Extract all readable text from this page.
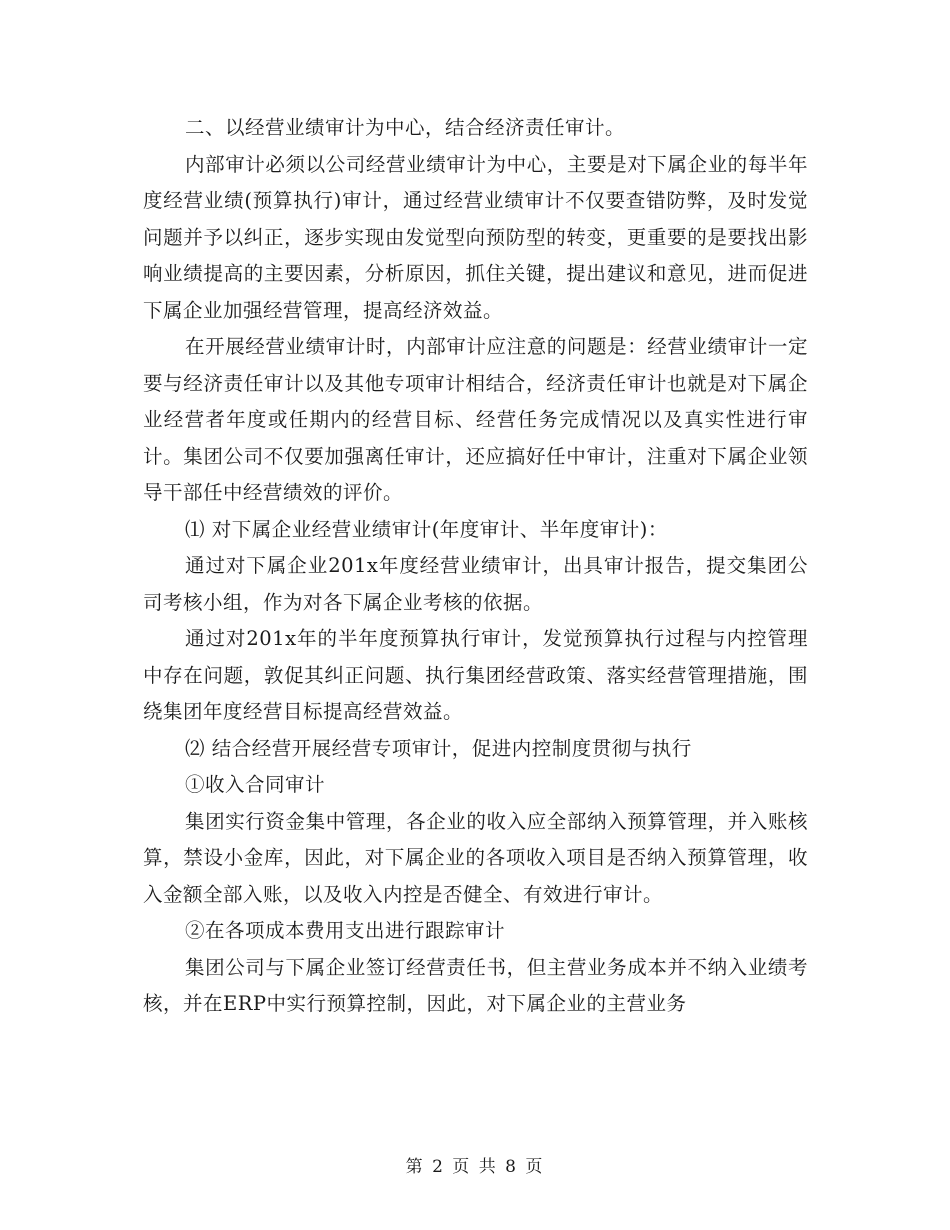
二、以经营业绩审计为中心，结合经济责任审计。

内部审计必须以公司经营业绩审计为中心，主要是对下属企业的每半年度经营业绩(预算执行)审计，通过经营业绩审计不仅要查错防弊，及时发觉问题并予以纠正，逐步实现由发觉型向预防型的转变，更重要的是要找出影响业绩提高的主要因素，分析原因，抓住关键，提出建议和意见，进而促进下属企业加强经营管理，提高经济效益。

在开展经营业绩审计时，内部审计应注意的问题是：经营业绩审计一定要与经济责任审计以及其他专项审计相结合，经济责任审计也就是对下属企业经营者年度或任期内的经营目标、经营任务完成情况以及真实性进行审计。集团公司不仅要加强离任审计，还应搞好任中审计，注重对下属企业领导干部任中经营绩效的评价。

⑴ 对下属企业经营业绩审计(年度审计、半年度审计)：

通过对下属企业201x年度经营业绩审计，出具审计报告，提交集团公司考核小组，作为对各下属企业考核的依据。

通过对201x年的半年度预算执行审计，发觉预算执行过程与内控管理中存在问题，敦促其纠正问题、执行集团经营政策、落实经营管理措施，围绕集团年度经营目标提高经营效益。

⑵ 结合经营开展经营专项审计，促进内控制度贯彻与执行

①收入合同审计

集团实行资金集中管理，各企业的收入应全部纳入预算管理，并入账核算，禁设小金库，因此，对下属企业的各项收入项目是否纳入预算管理，收入金额全部入账，以及收入内控是否健全、有效进行审计。

②在各项成本费用支出进行跟踪审计

集团公司与下属企业签订经营责任书，但主营业务成本并不纳入业绩考核，并在ERP中实行预算控制，因此，对下属企业的主营业务

第 2 页 共 8 页
